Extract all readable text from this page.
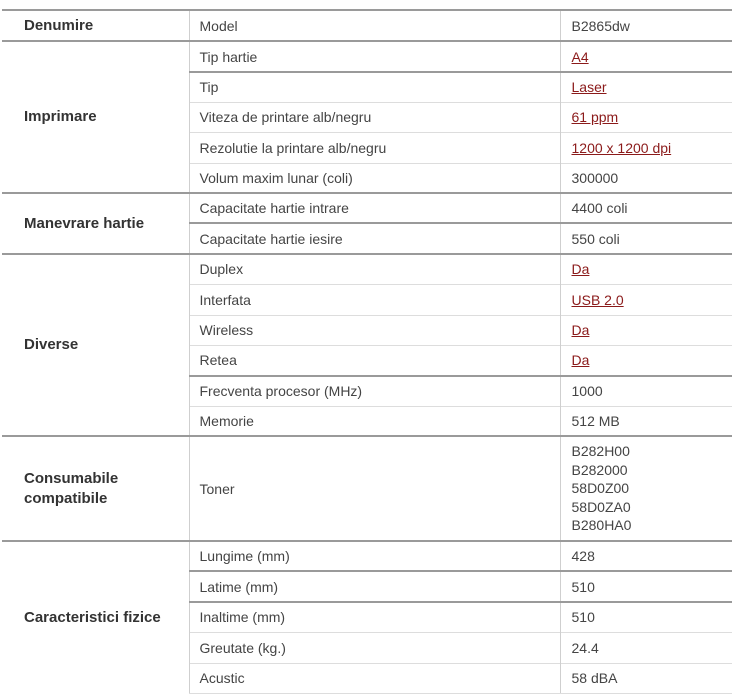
Denumire	Model	B2865dw
Imprimare	Tip hartie	A4
	Tip	Laser
	Viteza de printare alb/negru	61 ppm
	Rezolutie la printare alb/negru	1200 x 1200 dpi
	Volum maxim lunar (coli)	300000
Manevrare hartie	Capacitate hartie intrare	4400 coli
	Capacitate hartie iesire	550 coli
Diverse	Duplex	Da
	Interfata	USB 2.0
	Wireless	Da
	Retea	Da
	Frecventa procesor (MHz)	1000
	Memorie	512 MB
Consumabile compatibile	Toner	B282H00
B282000
58D0Z00
58D0ZA0
B280HA0

Caracteristici fizice	Lungime (mm)	428
	Latime (mm)	510
	Inaltime (mm)	510
	Greutate (kg.)	24.4
	Acustic	58 dBA
